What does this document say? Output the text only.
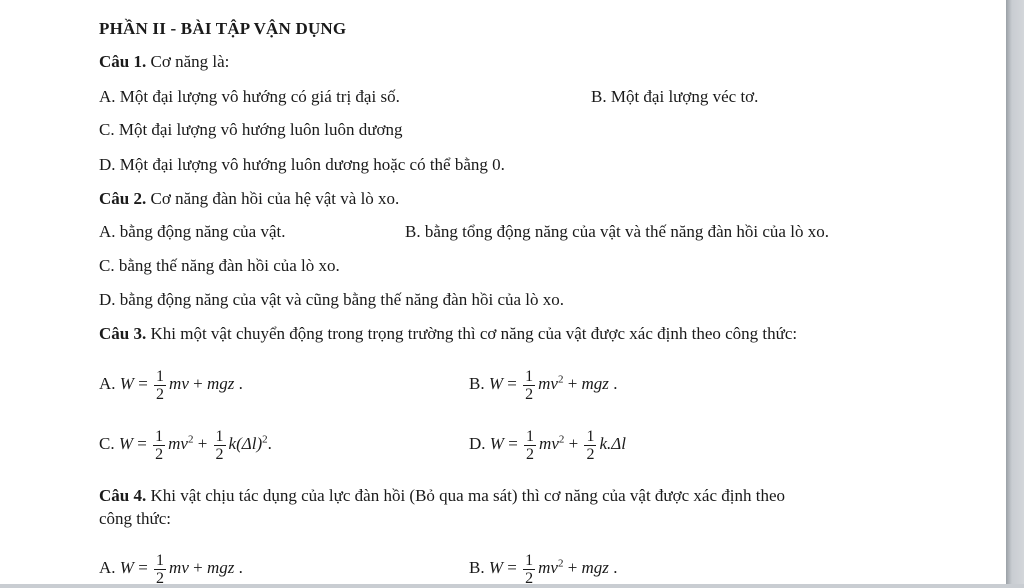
PHẦN II - BÀI TẬP VẬN DỤNG
Câu 1. Cơ năng là:
A. Một đại lượng vô hướng có giá trị đại số.	B. Một đại lượng véc tơ.
C. Một đại lượng vô hướng luôn luôn dương
D. Một đại lượng vô hướng luôn dương hoặc có thể bằng 0.
Câu 2. Cơ năng đàn hồi của hệ vật và lò xo.
A. bằng động năng của vật.	B. bằng tổng động năng của vật và thế năng đàn hồi của lò xo.
C. bằng thế năng đàn hồi của lò xo.
D. bằng động năng của vật và cũng bằng thế năng đàn hồi của lò xo.
Câu 3. Khi một vật chuyển động trong trọng trường thì cơ năng của vật được xác định theo công thức:
A. $W = \frac{1}{2}$ mv + mgz .	B. $W = \frac{1}{2} mv^2$ + mgz .
C. $W = \frac{1}{2} mv^2 + \frac{1}{2} k(\Delta l)^2$.	D. $W = \frac{1}{2} mv^2 + \frac{1}{2} k.\Delta l$
Câu 4. Khi vật chịu tác dụng của lực đàn hồi (Bỏ qua ma sát) thì cơ năng của vật được xác định theo
công thức:
A. $W = \frac{1}{2}$ mv + mgz .	B. $W = \frac{1}{2} mv^2$ + mgz .
